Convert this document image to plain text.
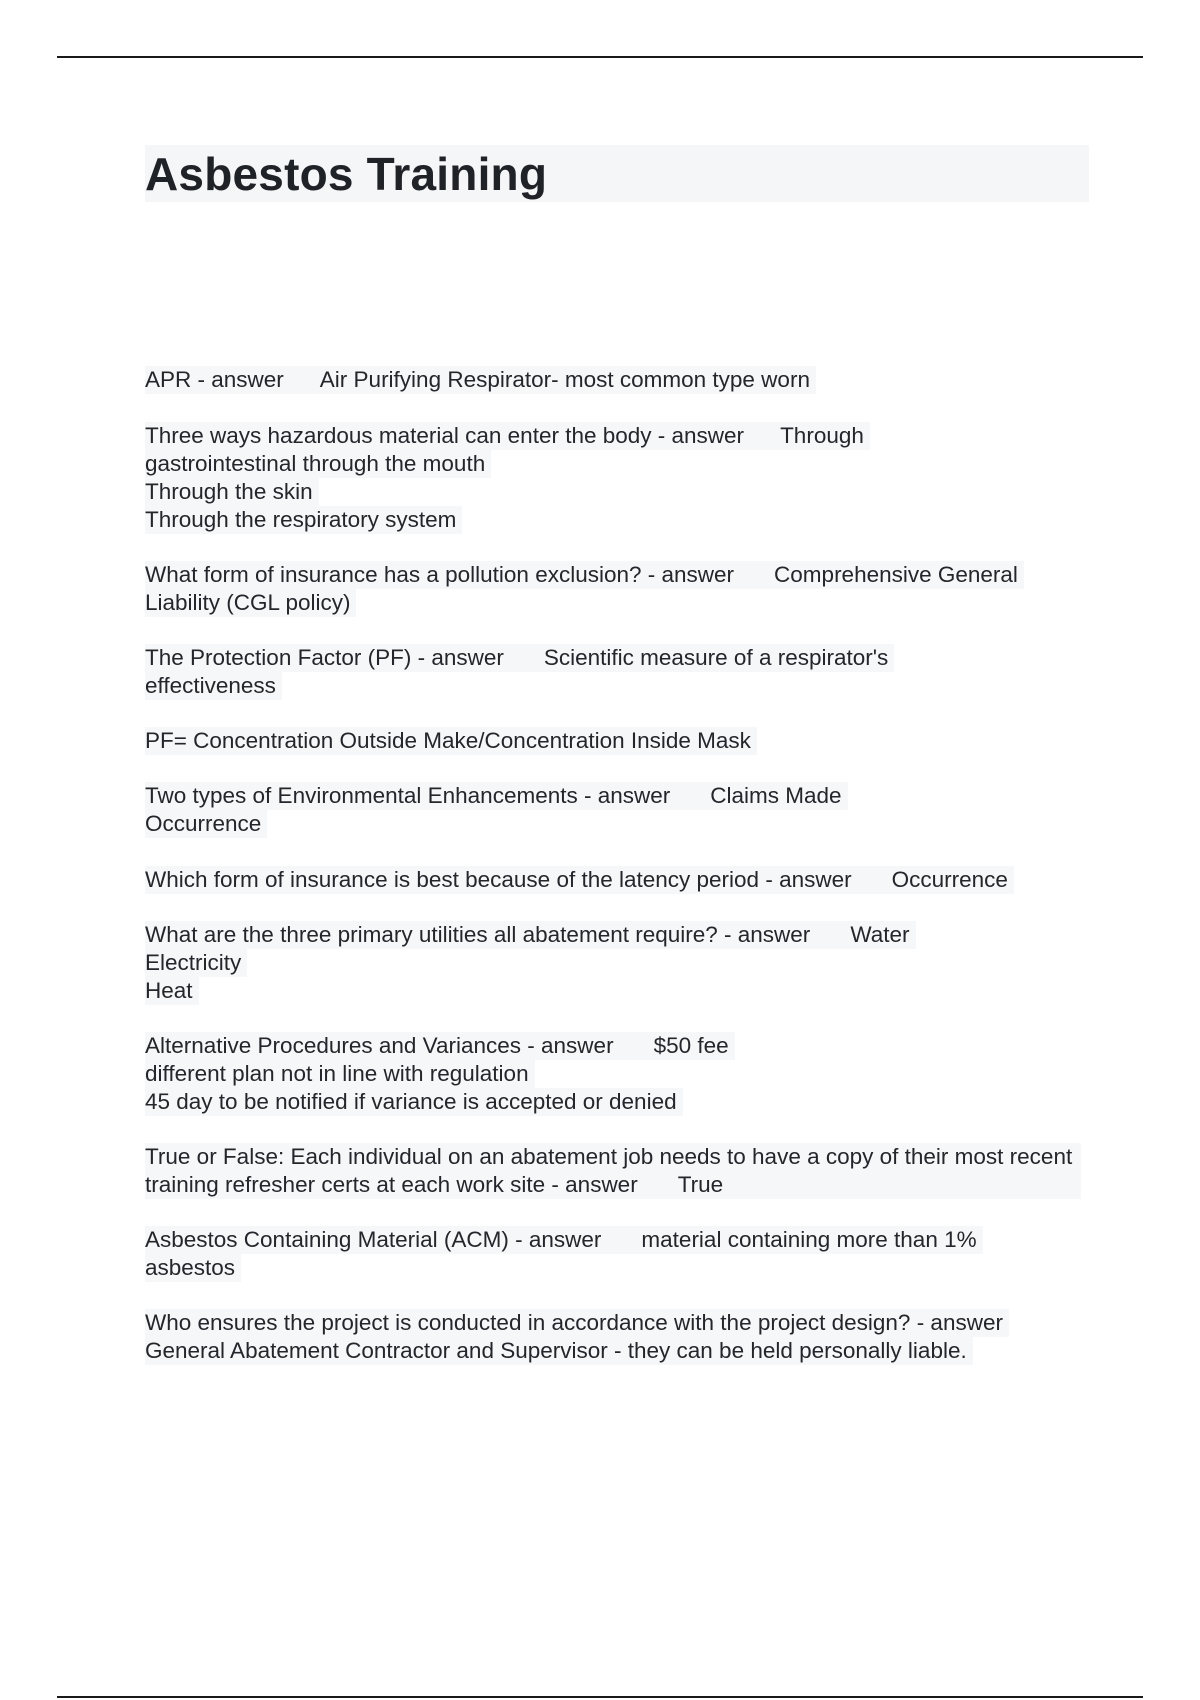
Asbestos Training
APR - answer Air Purifying Respirator- most common type worn
Three ways hazardous material can enter the body - answer Through
gastrointestinal through the mouth
Through the skin
Through the respiratory system
What form of insurance has a pollution exclusion? - answer Comprehensive General
Liability (CGL policy)
The Protection Factor (PF) - answer Scientific measure of a respirator's
effectiveness
PF= Concentration Outside Make/Concentration Inside Mask
Two types of Environmental Enhancements - answer Claims Made
Occurrence
Which form of insurance is best because of the latency period - answer Occurrence
What are the three primary utilities all abatement require? - answer Water
Electricity
Heat
Alternative Procedures and Variances - answer $50 fee
different plan not in line with regulation
45 day to be notified if variance is accepted or denied
True or False: Each individual on an abatement job needs to have a copy of their most recent training refresher certs at each work site - answer True
Asbestos Containing Material (ACM) - answer material containing more than 1%
asbestos
Who ensures the project is conducted in accordance with the project design? - answer
General Abatement Contractor and Supervisor - they can be held personally liable.
